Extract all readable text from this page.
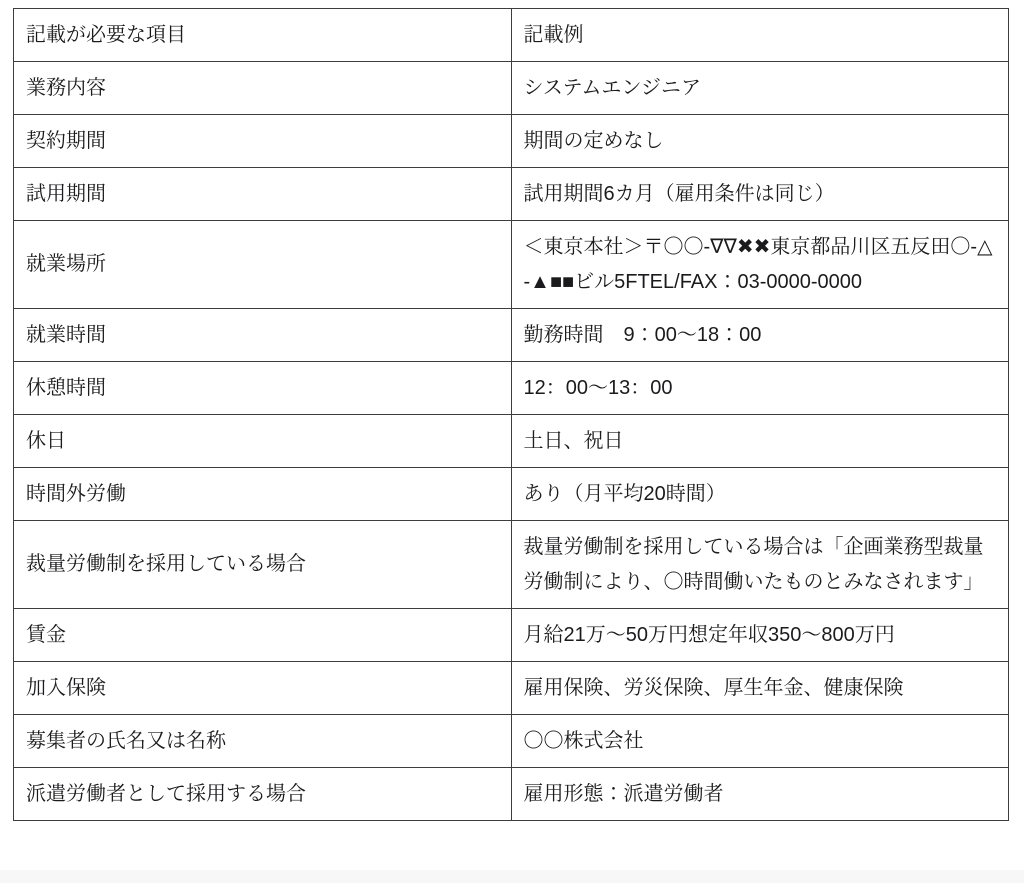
記載が必要な項目	記載例
業務内容	システムエンジニア
契約期間	期間の定めなし
試用期間	試用期間6カ月（雇用条件は同じ）
就業場所	＜東京本社＞〒〇〇-∇∇✖✖東京都品川区五反田〇-△-▲■■ビル5FTEL/FAX：03-0000-0000
就業時間	勤務時間　9：00〜18：00
休憩時間	12：00〜13：00
休日	土日、祝日
時間外労働	あり（月平均20時間）
裁量労働制を採用している場合	裁量労働制を採用している場合は「企画業務型裁量労働制により、〇時間働いたものとみなされます」
賃金	月給21万〜50万円想定年収350〜800万円
加入保険	雇用保険、労災保険、厚生年金、健康保険
募集者の氏名又は名称	〇〇株式会社
派遣労働者として採用する場合	雇用形態：派遣労働者
